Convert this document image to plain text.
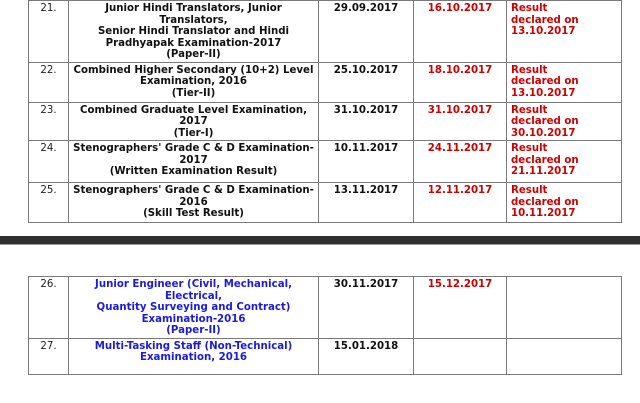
21.	Junior Hindi Translators, Junior Translators,
Senior Hindi Translator and Hindi
Pradhyapak Examination-2017
(Paper-II)	29.09.2017	16.10.2017	Result
declared on
13.10.2017

22.	Combined Higher Secondary (10+2) Level
Examination, 2016
(Tier-II)	25.10.2017	18.10.2017	Result
declared on
13.10.2017

23.	Combined Graduate Level Examination, 2017
(Tier-I)	31.10.2017	31.10.2017	Result
declared on
30.10.2017

24.	Stenographers' Grade C & D Examination-
2017
(Written Examination Result)	10.11.2017	24.11.2017	Result
declared on
21.11.2017

25.	Stenographers' Grade C & D Examination-
2016
(Skill Test Result)	13.11.2017	12.11.2017	Result
declared on
10.11.2017
26.	Junior Engineer (Civil, Mechanical, Electrical,
Quantity Surveying and Contract)
Examination-2016
(Paper-II)	30.11.2017	15.12.2017	
27.	Multi-Tasking Staff (Non-Technical)
Examination, 2016	15.01.2018		
